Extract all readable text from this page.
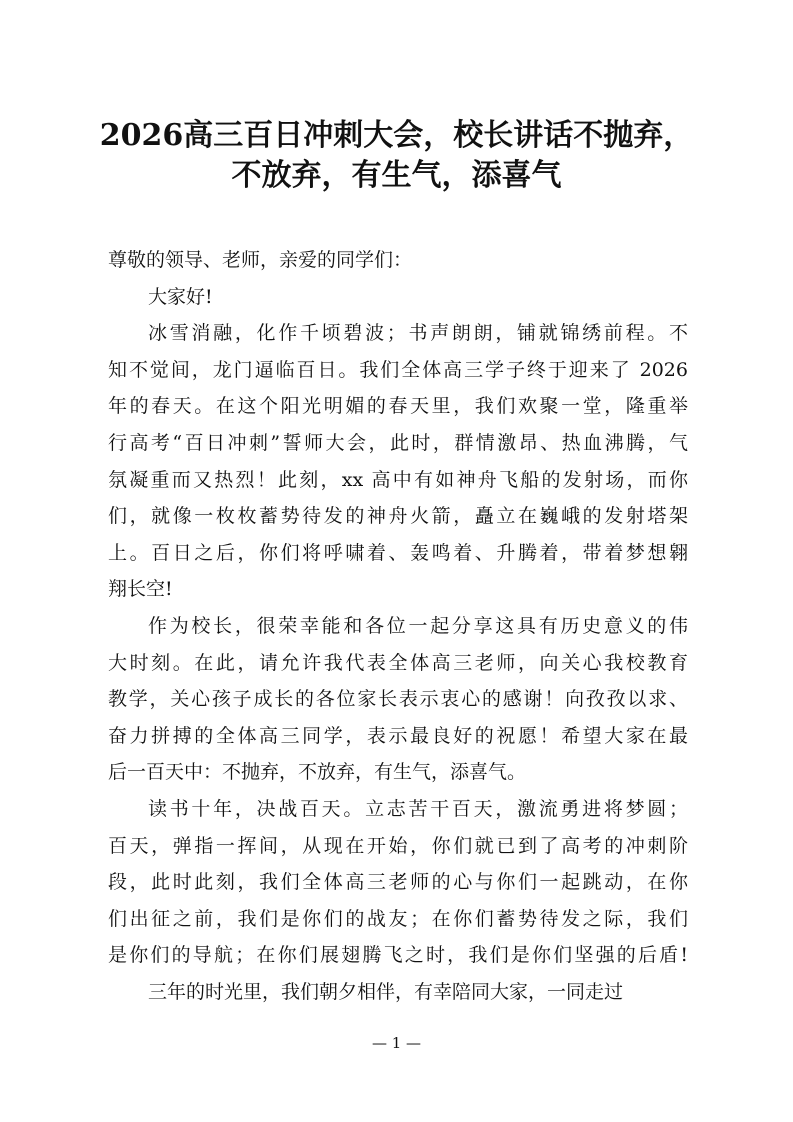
2026高三百日冲刺大会，校长讲话不抛弃，
不放弃，有生气，添喜气
尊敬的领导、老师，亲爱的同学们：
大家好!
冰雪消融，化作千顷碧波；书声朗朗，铺就锦绣前程。不
知不觉间，龙门逼临百日。我们全体高三学子终于迎来了 2026
年的春天。在这个阳光明媚的春天里，我们欢聚一堂，隆重举
行高考“百日冲刺”誓师大会，此时，群情激昂、热血沸腾，气
氛凝重而又热烈！此刻，xx 高中有如神舟飞船的发射场，而你
们，就像一枚枚蓄势待发的神舟火箭，矗立在巍峨的发射塔架
上。百日之后，你们将呼啸着、轰鸣着、升腾着，带着梦想翱
翔长空!
作为校长，很荣幸能和各位一起分享这具有历史意义的伟
大时刻。在此，请允许我代表全体高三老师，向关心我校教育
教学，关心孩子成长的各位家长表示衷心的感谢！向孜孜以求、
奋力拼搏的全体高三同学，表示最良好的祝愿！希望大家在最
后一百天中：不抛弃，不放弃，有生气，添喜气。
读书十年，决战百天。立志苦干百天，激流勇进将梦圆；
百天，弹指一挥间，从现在开始，你们就已到了高考的冲刺阶
段，此时此刻，我们全体高三老师的心与你们一起跳动，在你
们出征之前，我们是你们的战友；在你们蓄势待发之际，我们
是你们的导航；在你们展翅腾飞之时，我们是你们坚强的后盾!
三年的时光里，我们朝夕相伴，有幸陪同大家，一同走过
— 1 —
